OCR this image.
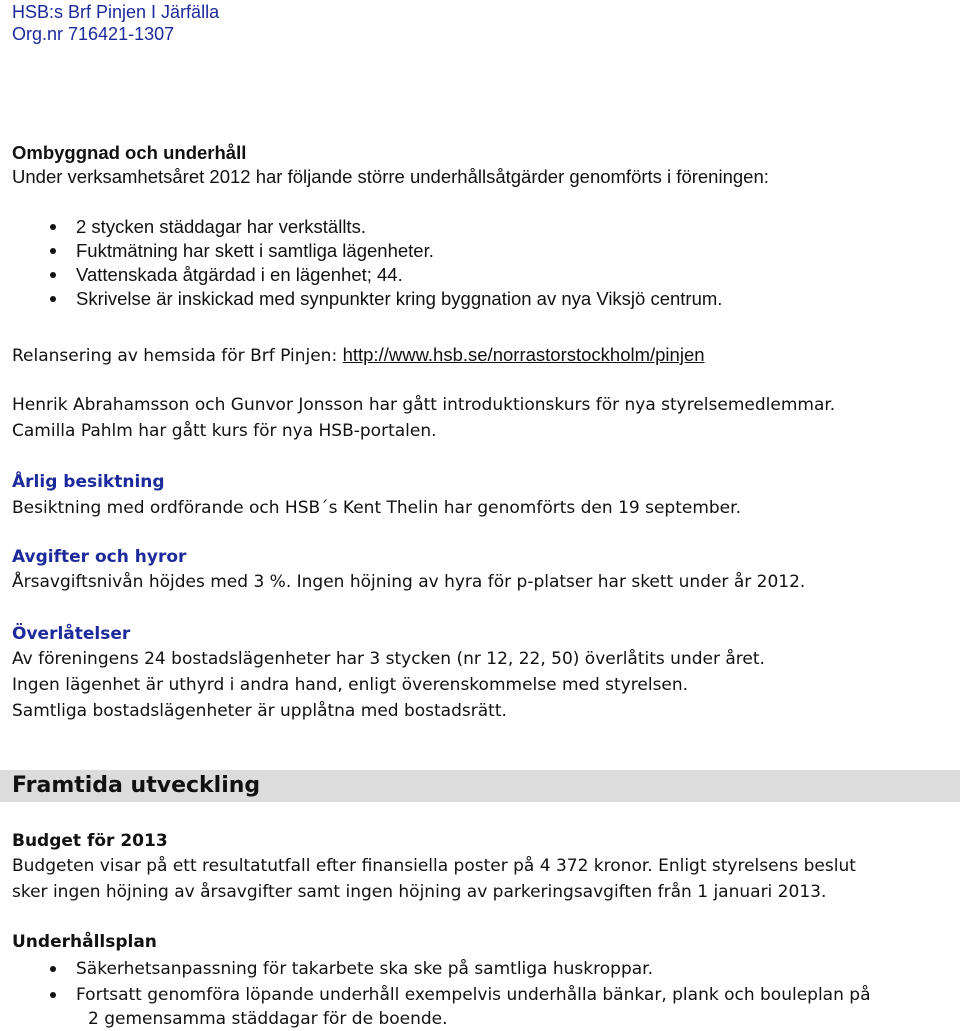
HSB:s Brf Pinjen I Järfälla
Org.nr 716421-1307
Ombyggnad och underhåll
Under verksamhetsåret 2012 har följande större underhållsåtgärder genomförts i föreningen:
2 stycken städdagar har verkställts.
Fuktmätning har skett i samtliga lägenheter.
Vattenskada åtgärdad i en lägenhet; 44.
Skrivelse är inskickad med synpunkter kring byggnation av nya Viksjö centrum.
Relansering av hemsida för Brf Pinjen: http://www.hsb.se/norrastorstockholm/pinjen
Henrik Abrahamsson och Gunvor Jonsson har gått introduktionskurs för nya styrelsemedlemmar.
Camilla Pahlm har gått kurs för nya HSB-portalen.
Årlig besiktning
Besiktning med ordförande och HSB´s Kent Thelin har genomförts den 19 september.
Avgifter och hyror
Årsavgiftsnivån höjdes med 3 %. Ingen höjning av hyra för p-platser har skett under år 2012.
Överlåtelser
Av föreningens 24 bostadslägenheter har 3 stycken (nr 12, 22, 50) överlåtits under året.
Ingen lägenhet är uthyrd i andra hand, enligt överenskommelse med styrelsen.
Samtliga bostadslägenheter är upplåtna med bostadsrätt.
Framtida utveckling
Budget för 2013
Budgeten visar på ett resultatutfall efter finansiella poster på 4 372 kronor. Enligt styrelsens beslut
sker ingen höjning av årsavgifter samt ingen höjning av parkeringsavgiften från 1 januari 2013.
Underhållsplan
Säkerhetsanpassning för takarbete ska ske på samtliga huskroppar.
Fortsatt genomföra löpande underhåll exempelvis underhålla bänkar, plank och bouleplan på
2 gemensamma städdagar för de boende.
